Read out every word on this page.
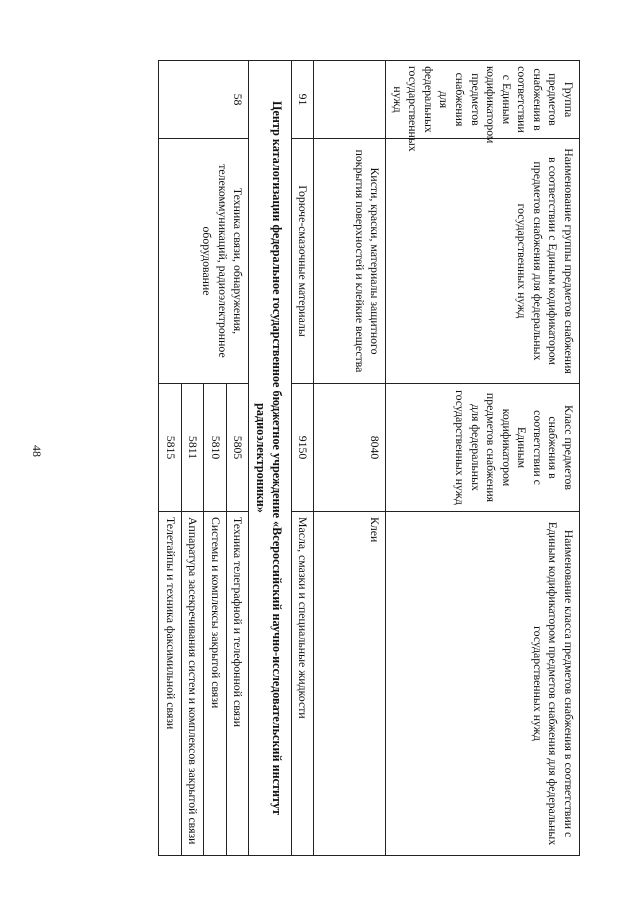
48
Группа предметов снабжения в соответствии с Единым кодификатором предметов снабжения для федеральных государственных нужд	Наименование группы предметов снабжения в соответствии с Единым кодификатором предметов снабжения для федеральных государственных нужд	Класс предметов снабжения в соответствии с Единым кодификатором предметов снабжения для федеральных государственных нужд	Наименование класса предметов снабжения в соответствии с Единым кодификатором предметов снабжения для федеральных государственных нужд
	Кисти, краски, материалы защитного покрытия поверхностей и клейкие вещества	8040	Клеи
91	Горюче-смазочные материалы	9150	Масла, смазки и специальные жидкости
Центр каталогизации федеральное государственное бюджетное учреждение «Всероссийский научно-исследовательский институт радиоэлектроники»			
58	Техника связи, обнаружения, телекоммуникаций, радиоэлектронное оборудование	5805	Техника телеграфной и телефонной связи
		5810	Системы и комплексы закрытой связи
		5811	Аппаратура засекречивания систем и комплексов закрытой связи
		5815	Телетайпы и техника факсимильной связи
